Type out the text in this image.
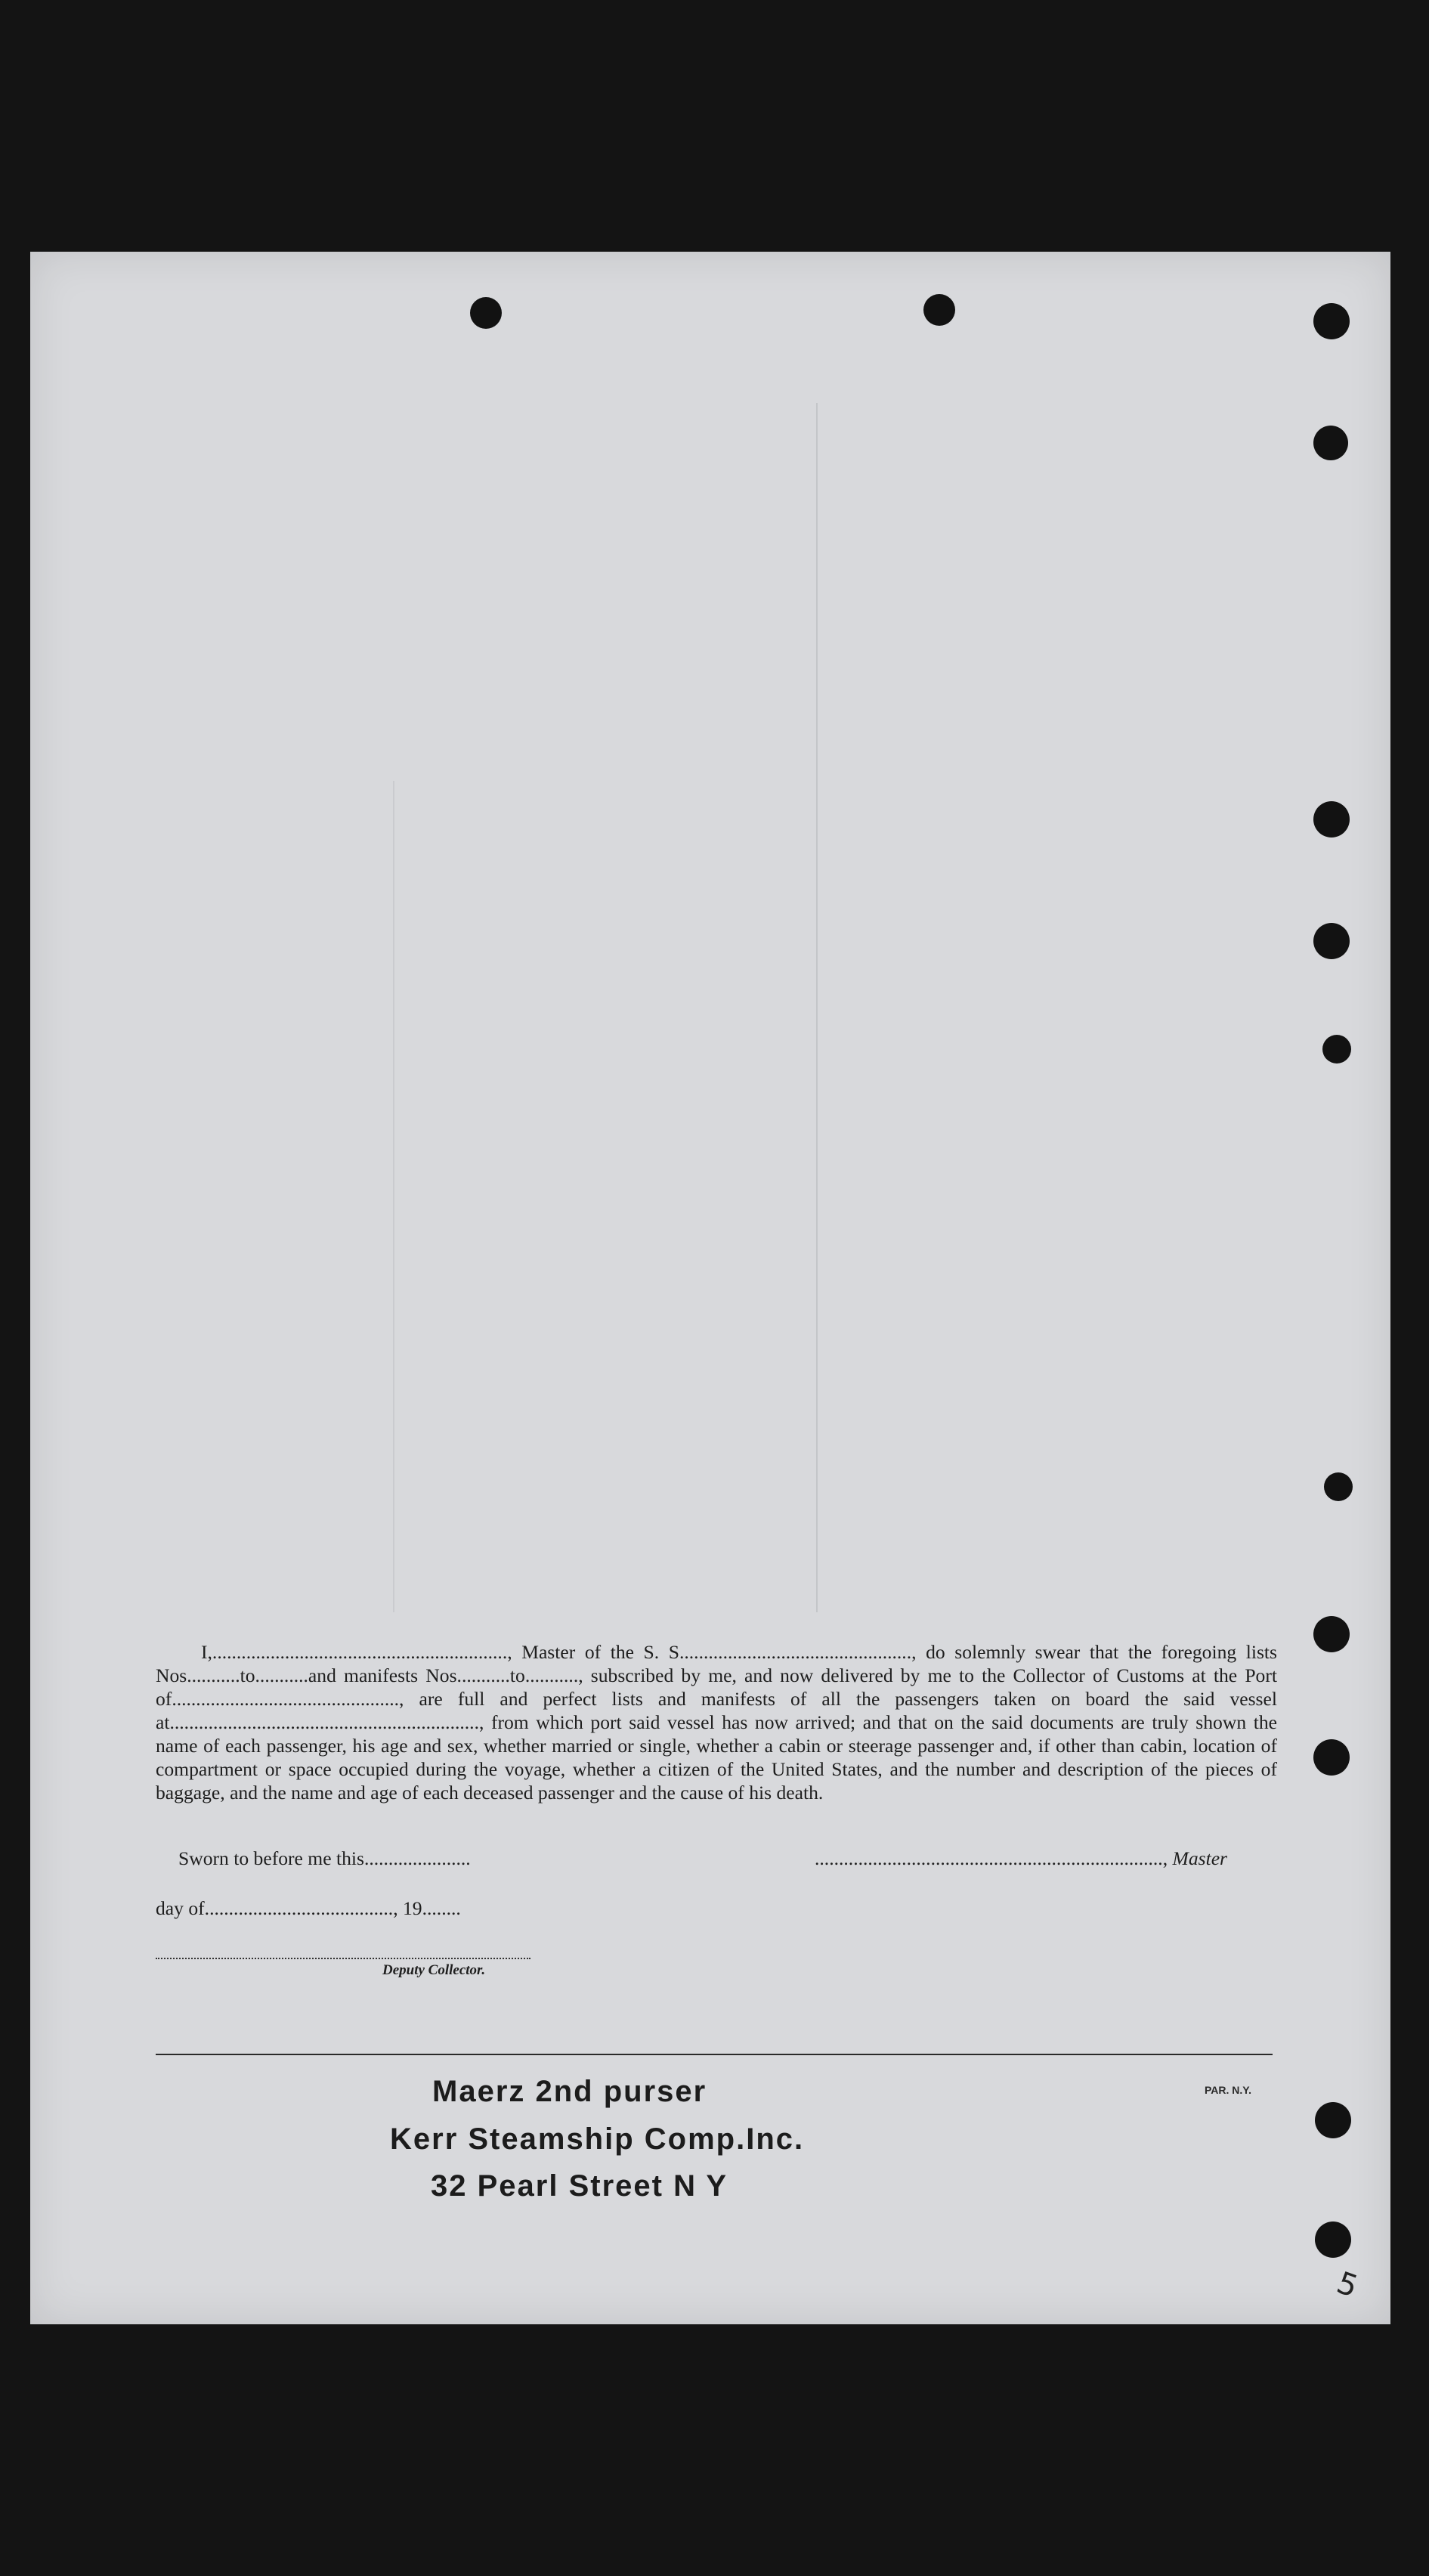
I,............................................................., Master of the S. S................................................, do solemnly swear that the foregoing lists Nos...........to...........and manifests Nos...........to..........., subscribed by me, and now delivered by me to the Collector of Customs at the Port of..............................................., are full and perfect lists and manifests of all the passengers taken on board the said vessel at................................................................, from which port said vessel has now arrived; and that on the said documents are truly shown the name of each passenger, his age and sex, whether married or single, whether a cabin or steerage passenger and, if other than cabin, location of compartment or space occupied during the voyage, whether a citizen of the United States, and the number and description of the pieces of baggage, and the name and age of each deceased passenger and the cause of his death.

Sworn to before me this......................	........................................................................, Master
day of......................................., 19........
Deputy Collector.
PAR. N.Y.
Maerz 2nd purser
Kerr Steamship Comp.Inc.
32 Pearl Street N Y
5
